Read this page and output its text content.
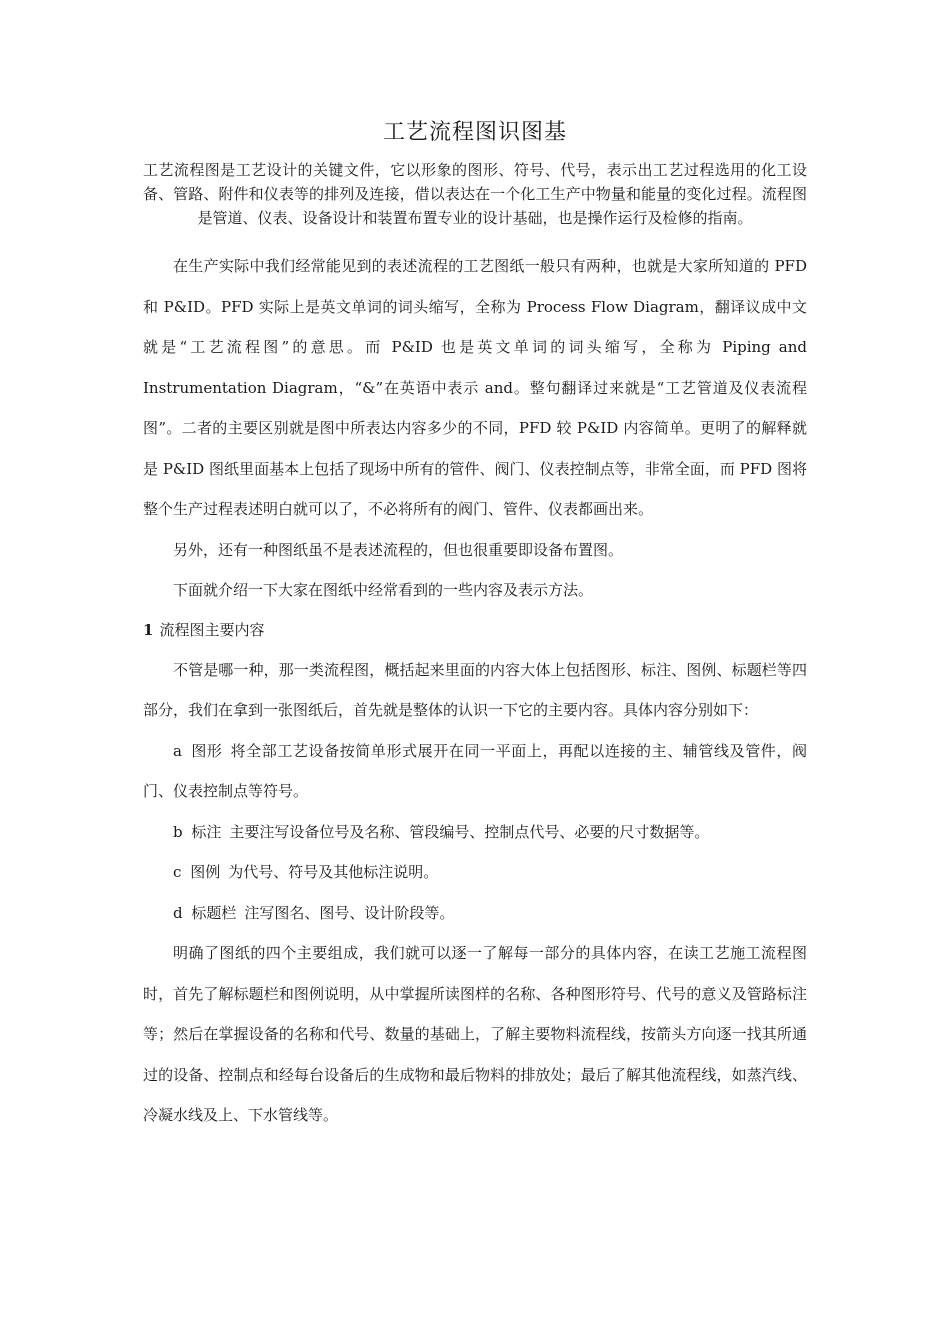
工艺流程图识图基

工艺流程图是工艺设计的关键文件，它以形象的图形、符号、代号，表示出工艺过程选用的化工设备、管路、附件和仪表等的排列及连接，借以表达在一个化工生产中物量和能量的变化过程。流程图是管道、仪表、设备设计和装置布置专业的设计基础，也是操作运行及检修的指南。

在生产实际中我们经常能见到的表述流程的工艺图纸一般只有两种，也就是大家所知道的 PFD 和 P&ID。PFD 实际上是英文单词的词头缩写，全称为 Process Flow Diagram，翻译议成中文就是“工艺流程图”的意思。而 P&ID 也是英文单词的词头缩写，全称为 Piping and Instrumentation Diagram，“&”在英语中表示 and。整句翻译过来就是“工艺管道及仪表流程图”。二者的主要区别就是图中所表达内容多少的不同，PFD 较 P&ID 内容简单。更明了的解释就是 P&ID 图纸里面基本上包括了现场中所有的管件、阀门、仪表控制点等，非常全面，而 PFD 图将整个生产过程表述明白就可以了，不必将所有的阀门、管件、仪表都画出来。

另外，还有一种图纸虽不是表述流程的，但也很重要即设备布置图。

下面就介绍一下大家在图纸中经常看到的一些内容及表示方法。

1 流程图主要内容

不管是哪一种，那一类流程图，概括起来里面的内容大体上包括图形、标注、图例、标题栏等四部分，我们在拿到一张图纸后，首先就是整体的认识一下它的主要内容。具体内容分别如下：

a 图形 将全部工艺设备按简单形式展开在同一平面上，再配以连接的主、辅管线及管件，阀门、仪表控制点等符号。

b 标注 主要注写设备位号及名称、管段编号、控制点代号、必要的尺寸数据等。

c 图例 为代号、符号及其他标注说明。

d 标题栏 注写图名、图号、设计阶段等。

明确了图纸的四个主要组成，我们就可以逐一了解每一部分的具体内容，在读工艺施工流程图时，首先了解标题栏和图例说明，从中掌握所读图样的名称、各种图形符号、代号的意义及管路标注等；然后在掌握设备的名称和代号、数量的基础上，了解主要物料流程线，按箭头方向逐一找其所通过的设备、控制点和经每台设备后的生成物和最后物料的排放处；最后了解其他流程线，如蒸汽线、冷凝水线及上、下水管线等。
